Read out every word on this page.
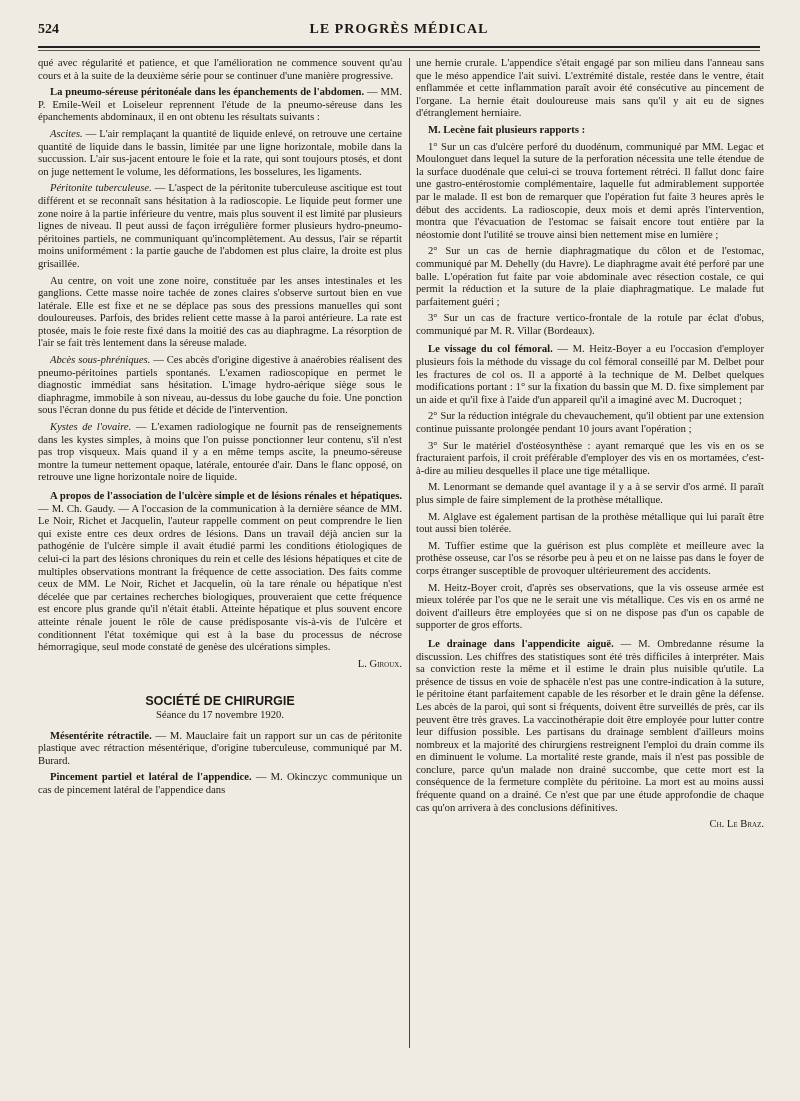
524	LE PROGRÈS MÉDICAL

qué avec régularité et patience, et que l'amélioration ne commence souvent qu'au cours et à la suite de la deuxième série pour se continuer d'une manière progressive.

La pneumo-séreuse péritonéale dans les épanchements de l'abdomen. — MM. P. Emile-Weil et Loiseleur reprennent l'étude de la pneumo-séreuse dans les épanchements abdominaux, il en ont obtenu les résultats suivants :

Ascites. — L'air remplaçant la quantité de liquide enlevé, on retrouve une certaine quantité de liquide dans le bassin, limitée par une ligne horizontale, mobile dans la succussion. L'air sus-jacent entoure le foie et la rate, qui sont toujours ptosés, et dont on juge nettement le volume, les déformations, les bosselures, les ligaments.

Péritonite tuberculeuse. — L'aspect de la péritonite tuberculeuse ascitique est tout différent et se reconnaît sans hésitation à la radioscopie. Le liquide peut former une zone noire à la partie inférieure du ventre, mais plus souvent il est limité par plusieurs lignes de niveau. Il peut aussi de façon irrégulière former plusieurs hydro-pneumo-péritoines partiels, ne communiquant qu'incomplètement. Au dessus, l'air se répartit moins uniformément : la partie gauche de l'abdomen est plus claire, la droite est plus grisaillée.

Au centre, on voit une zone noire, constituée par les anses intestinales et les ganglions. Cette masse noire tachée de zones claires s'observe surtout bien en vue latérale. Elle est fixe et ne se déplace pas sous des pressions manuelles qui sont douloureuses. Parfois, des brides relient cette masse à la paroi antérieure. La rate est ptosée, mais le foie reste fixé dans la moitié des cas au diaphragme. La résorption de l'air se fait très lentement dans la séreuse malade.

Abcès sous-phréniques. — Ces abcès d'origine digestive à anaérobies réalisent des pneumo-péritoines partiels spontanés. L'examen radioscopique en permet le diagnostic immédiat sans hésitation. L'image hydro-aérique siège sous le diaphragme, immobile à son niveau, au-dessus du lobe gauche du foie. Une ponction sous l'écran donne du pus fétide et décide de l'intervention.

Kystes de l'ovaire. — L'examen radiologique ne fournit pas de renseignements dans les kystes simples, à moins que l'on puisse ponctionner leur contenu, s'il n'est pas trop visqueux. Mais quand il y a en même temps ascite, la pneumo-séreuse montre la tumeur nettement opaque, latérale, entourée d'air. Dans le flanc opposé, on retrouve une ligne horizontale noire de liquide.

A propos de l'association de l'ulcère simple et de lésions rénales et hépatiques. — M. Ch. Gaudy. — A l'occasion de la communication à la dernière séance de MM. Le Noir, Richet et Jacquelin, l'auteur rappelle comment on peut comprendre le lien qui existe entre ces deux ordres de lésions. Dans un travail déjà ancien sur la pathogénie de l'ulcère simple il avait étudié parmi les conditions étiologiques de celui-ci la part des lésions chroniques du rein et celle des lésions hépatiques et cite de multiples observations montrant la fréquence de cette association. Des faits comme ceux de MM. Le Noir, Richet et Jacquelin, où la tare rénale ou hépatique n'est décelée que par certaines recherches biologiques, prouveraient que cette fréquence est encore plus grande qu'il n'était établi. Atteinte hépatique et plus souvent encore atteinte rénale jouent le rôle de cause prédisposante vis-à-vis de l'ulcère et conditionnent l'état toxémique qui est à la base du processus de nécrose hémorragique, seul mode constaté de genèse des ulcérations simples.

L. Giroux.

SOCIÉTÉ DE CHIRURGIE

Séance du 17 novembre 1920.

Mésentérite rétractile. — M. Mauclaire fait un rapport sur un cas de péritonite plastique avec rétraction mésentérique, d'origine tuberculeuse, communiqué par M. Burard.

Pincement partiel et latéral de l'appendice. — M. Okinczyc communique un cas de pincement latéral de l'appendice dans

une hernie crurale. L'appendice s'était engagé par son milieu dans l'anneau sans que le méso appendice l'ait suivi. L'extrémité distale, restée dans le ventre, était enflammée et cette inflammation paraît avoir été consécutive au pincement de l'organe. La hernie était douloureuse mais sans qu'il y ait eu de signes d'étranglement herniaire.

M. Lecène fait plusieurs rapports :

1° Sur un cas d'ulcère perforé du duodénum, communiqué par MM. Legac et Moulonguet dans lequel la suture de la perforation nécessita une telle étendue de la surface duodénale que celui-ci se trouva fortement rétréci. Il fallut donc faire une gastro-entérostomie complémentaire, laquelle fut admirablement supportée par le malade. Il est bon de remarquer que l'opération fut faite 3 heures après le début des accidents. La radioscopie, deux mois et demi après l'intervention, montra que l'évacuation de l'estomac se faisait encore tout entière par la néostomie dont l'utilité se trouve ainsi bien nettement mise en lumière ;

2° Sur un cas de hernie diaphragmatique du côlon et de l'estomac, communiqué par M. Dehelly (du Havre). Le diaphragme avait été perforé par une balle. L'opération fut faite par voie abdominale avec résection costale, ce qui permit la réduction et la suture de la plaie diaphragmatique. Le malade fut parfaitement guéri ;

3° Sur un cas de fracture vertico-frontale de la rotule par éclat d'obus, communiqué par M. R. Villar (Bordeaux).

Le vissage du col fémoral. — M. Heitz-Boyer a eu l'occasion d'employer plusieurs fois la méthode du vissage du col fémoral conseillé par M. Delbet pour les fractures de col os. Il a apporté à la technique de M. Delbet quelques modifications portant : 1° sur la fixation du bassin que M. D. fixe simplement par un aide et qu'il fixe à l'aide d'un appareil qu'il a imaginé avec M. Ducroquet ;

2° Sur la réduction intégrale du chevauchement, qu'il obtient par une extension continue puissante prolongée pendant 10 jours avant l'opération ;

3° Sur le matériel d'ostéosynthèse : ayant remarqué que les vis en os se fracturaient parfois, il croit préférable d'employer des vis en os mortamées, c'est-à-dire au milieu desquelles il place une tige métallique.

M. Lenormant se demande quel avantage il y a à se servir d'os armé. Il paraît plus simple de faire simplement de la prothèse métallique.

M. Alglave est également partisan de la prothèse métallique qui lui paraît être tout aussi bien tolérée.

M. Tuffier estime que la guérison est plus complète et meilleure avec la prothèse osseuse, car l'os se résorbe peu à peu et on ne laisse pas dans le foyer de corps étranger susceptible de provoquer ultérieurement des accidents.

M. Heitz-Boyer croit, d'après ses observations, que la vis osseuse armée est mieux tolérée par l'os que ne le serait une vis métallique. Ces vis en os armé ne doivent d'ailleurs être employées que si on ne dispose pas d'un os capable de supporter de gros efforts.

Le drainage dans l'appendicite aiguë. — M. Ombredanne résume la discussion. Les chiffres des statistiques sont été très difficiles à interpréter. Mais sa conviction reste la même et il estime le drain plus nuisible qu'utile. La présence de tissus en voie de sphacèle n'est pas une contre-indication à la suture, le péritoine étant parfaitement capable de les résorber et le drain gêne la défense. Les abcès de la paroi, qui sont si fréquents, doivent être surveillés de près, car ils peuvent être très graves. La vaccinothérapie doit être employée pour lutter contre leur diffusion possible. Les partisans du drainage semblent d'ailleurs moins nombreux et la majorité des chirurgiens restreignent l'emploi du drain comme ils en diminuent le volume. La mortalité reste grande, mais il n'est pas possible de conclure, parce qu'un malade non drainé succombe, que cette mort est la conséquence de la fermeture complète du péritoine. La mort est au moins aussi fréquente quand on a drainé. Ce n'est que par une étude approfondie de chaque cas qu'on arrivera à des conclusions définitives.

Ch. Le Braz.
